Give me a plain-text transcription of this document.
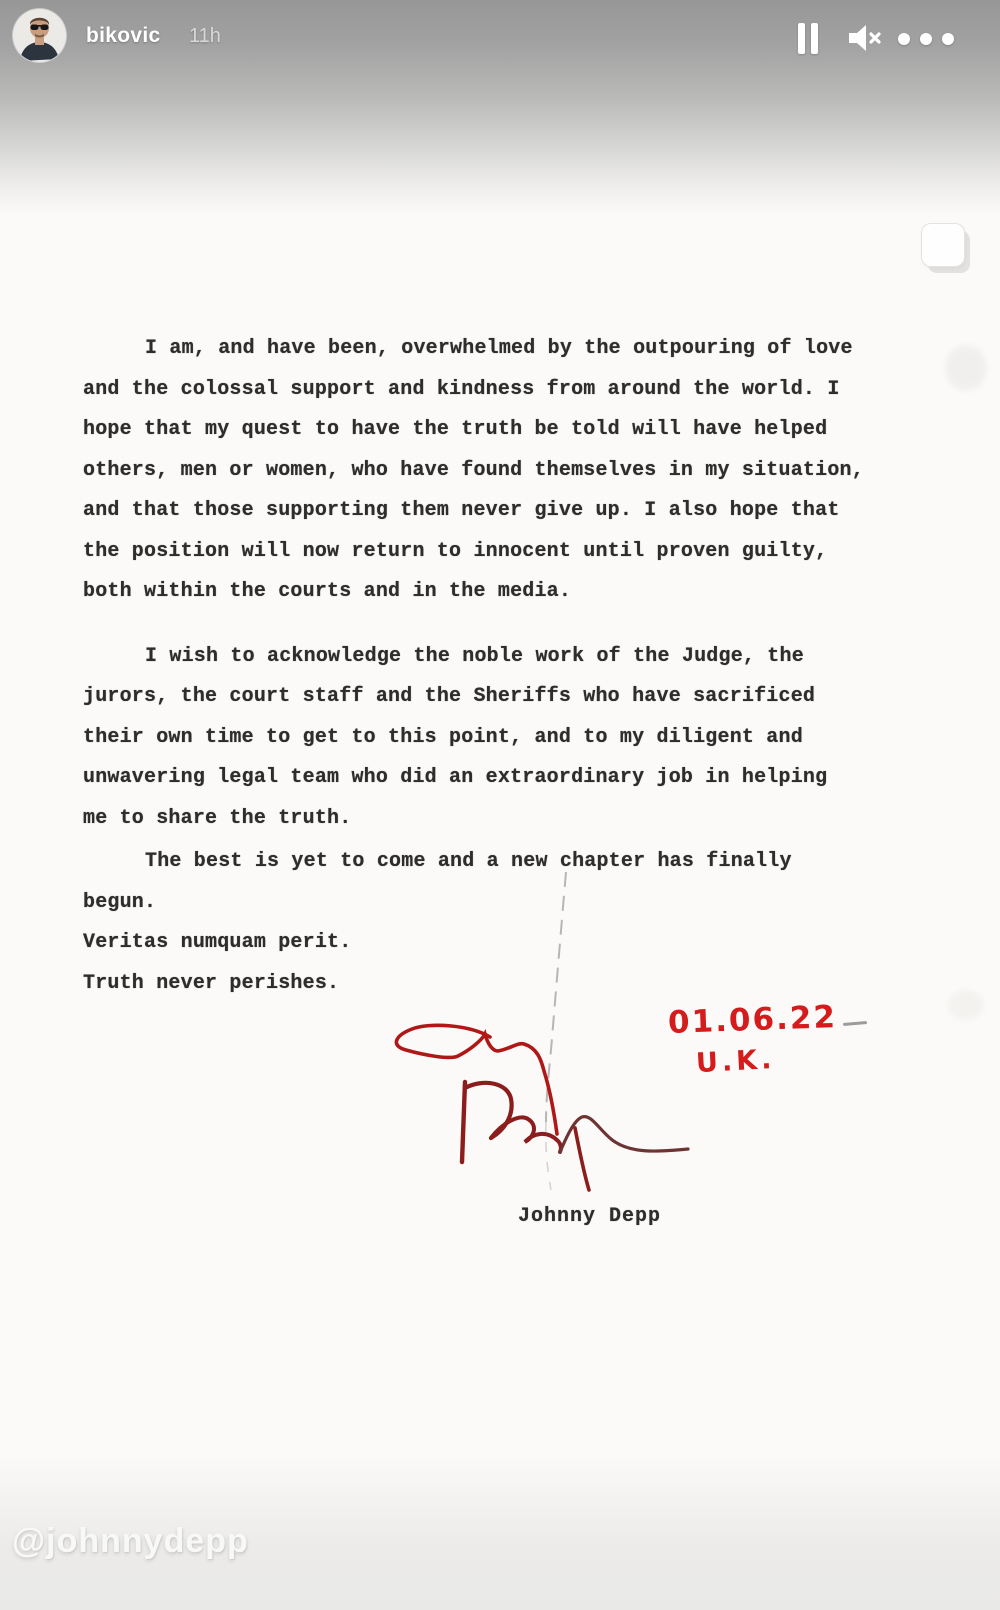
bikovic 11h
I am, and have been, overwhelmed by the outpouring of love
and the colossal support and kindness from around the world. I
hope that my quest to have the truth be told will have helped
others, men or women, who have found themselves in my situation,
and that those supporting them never give up. I also hope that
the position will now return to innocent until proven guilty,
both within the courts and in the media.
I wish to acknowledge the noble work of the Judge, the
jurors, the court staff and the Sheriffs who have sacrificed
their own time to get to this point, and to my diligent and
unwavering legal team who did an extraordinary job in helping
me to share the truth.
The best is yet to come and a new chapter has finally
begun.
Veritas numquam perit.
Truth never perishes.
01.06.22
U.K.
Johnny Depp
@johnnydepp
